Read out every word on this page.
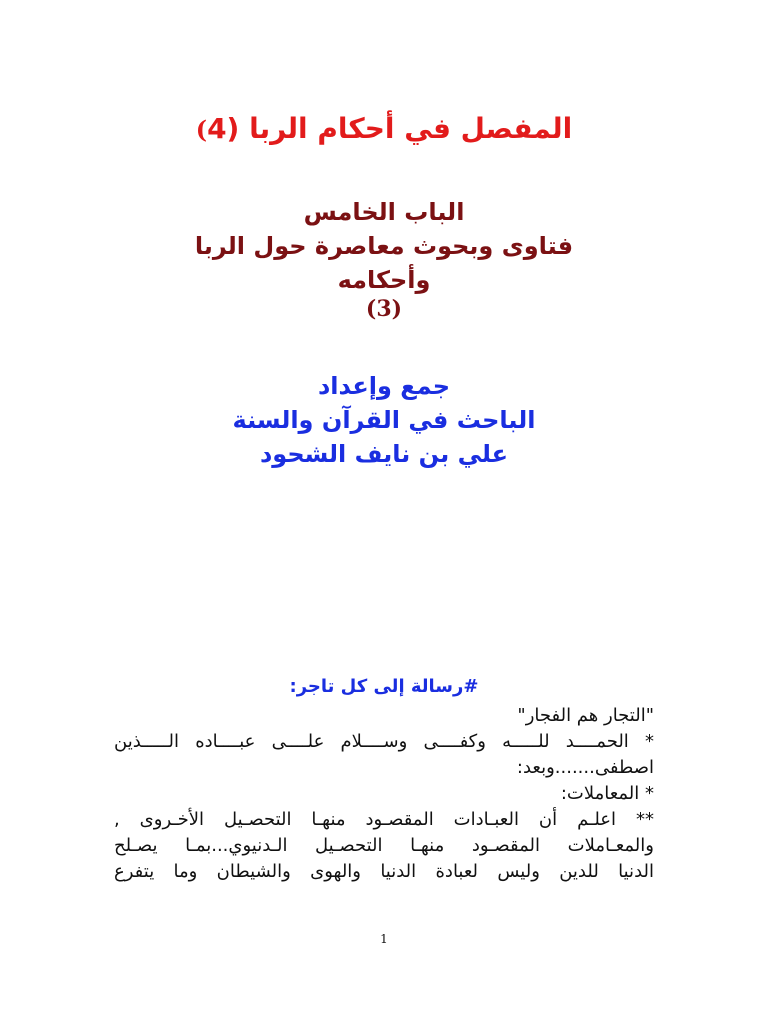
المفصل في أحكام الربا (4)
الباب الخامس
فتاوى وبحوث معاصرة حول الربا
وأحكامه
(3)
جمع وإعداد
الباحث في القرآن والسنة
علي بن نايف الشحود
#رسالة إلى كل تاجر:
"التجار هم الفجار"
* الحمــــد للـــــه وكفــــى وســــلام علــــى عبــــاده الـــــذين
اصطفى.......وبعد:
* المعاملات:
** اعلـم أن العبـادات المقصـود منهـا التحصـيل الأخـروى ,
والمعـاملات المقصـود منهـا التحصـيل الـدنيوي...بمـا يصـلح
الدنيا للدين وليس لعبادة الدنيا والهوى والشيطان وما يتفرع
1
